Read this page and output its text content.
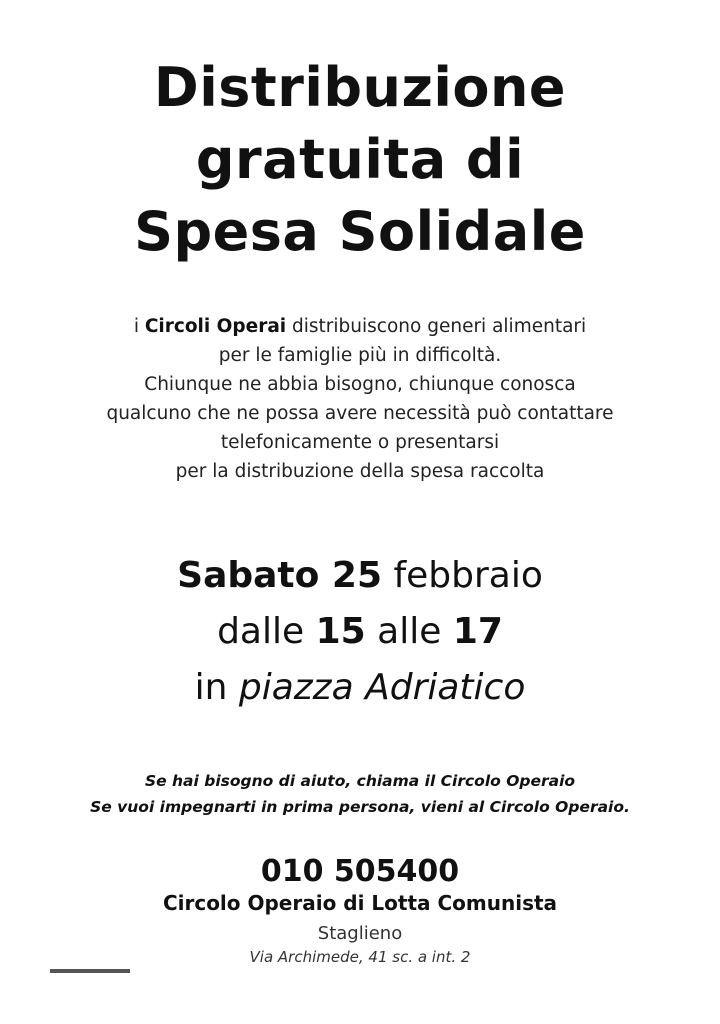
Distribuzione
gratuita di
Spesa Solidale
i Circoli Operai distribuiscono generi alimentari
per le famiglie più in difficoltà.
Chiunque ne abbia bisogno, chiunque conosca
qualcuno che ne possa avere necessità può contattare
telefonicamente o presentarsi
per la distribuzione della spesa raccolta
Sabato 25 febbraio
dalle 15 alle 17
in piazza Adriatico
Se hai bisogno di aiuto, chiama il Circolo Operaio
Se vuoi impegnarti in prima persona, vieni al Circolo Operaio.
010 505400
Circolo Operaio di Lotta Comunista
Staglieno
Via Archimede, 41 sc. a int. 2
